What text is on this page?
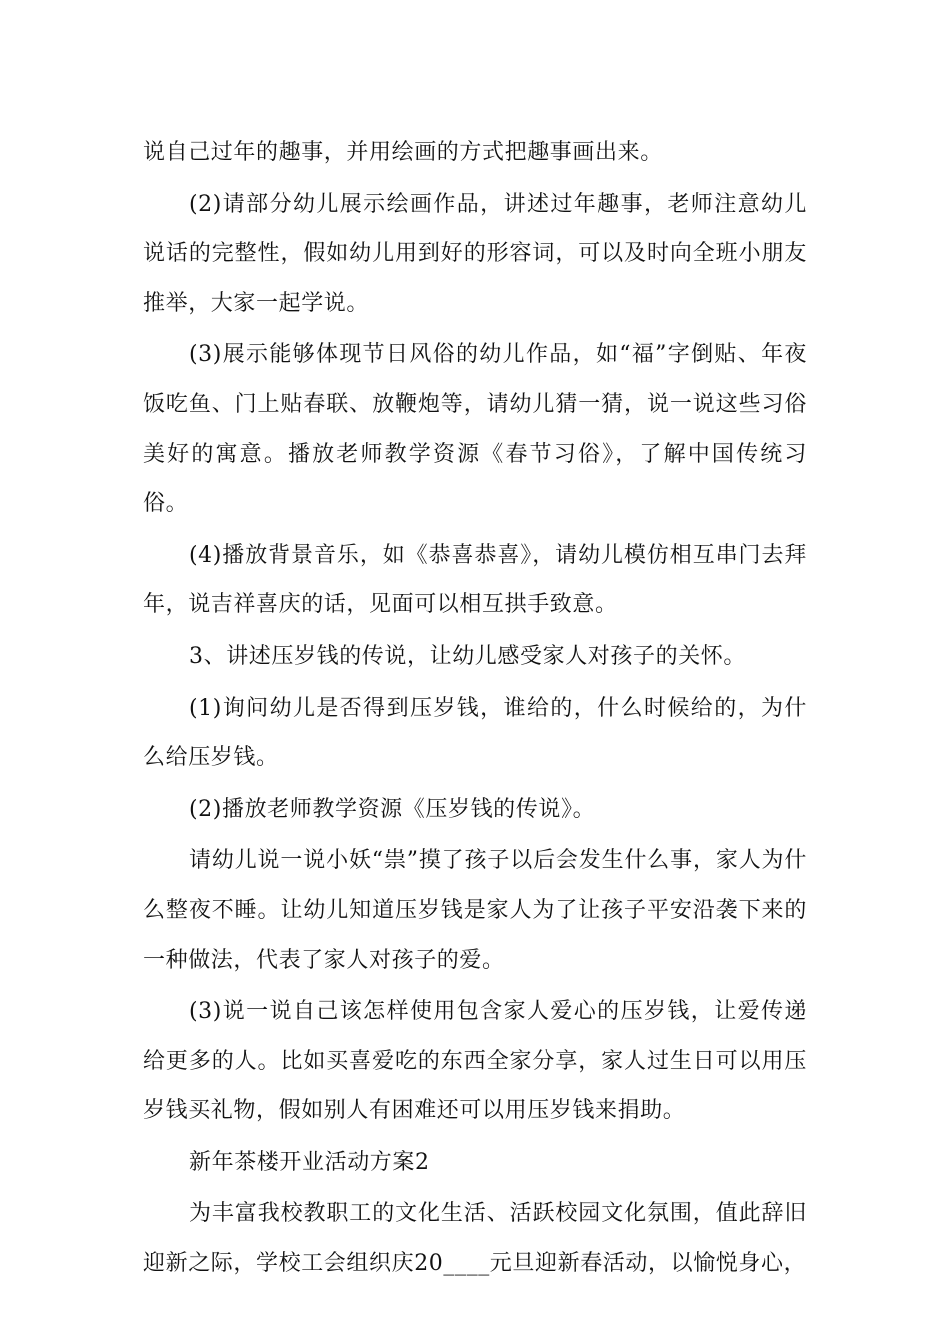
说自己过年的趣事，并用绘画的方式把趣事画出来。

(2)请部分幼儿展示绘画作品，讲述过年趣事，老师注意幼儿说话的完整性，假如幼儿用到好的形容词，可以及时向全班小朋友推举，大家一起学说。

(3)展示能够体现节日风俗的幼儿作品，如“福”字倒贴、年夜饭吃鱼、门上贴春联、放鞭炮等，请幼儿猜一猜，说一说这些习俗美好的寓意。播放老师教学资源《春节习俗》，了解中国传统习俗。

(4)播放背景音乐，如《恭喜恭喜》，请幼儿模仿相互串门去拜年，说吉祥喜庆的话，见面可以相互拱手致意。

3、讲述压岁钱的传说，让幼儿感受家人对孩子的关怀。

(1)询问幼儿是否得到压岁钱，谁给的，什么时候给的，为什么给压岁钱。

(2)播放老师教学资源《压岁钱的传说》。

请幼儿说一说小妖“祟”摸了孩子以后会发生什么事，家人为什么整夜不睡。让幼儿知道压岁钱是家人为了让孩子平安沿袭下来的一种做法，代表了家人对孩子的爱。

(3)说一说自己该怎样使用包含家人爱心的压岁钱，让爱传递给更多的人。比如买喜爱吃的东西全家分享，家人过生日可以用压岁钱买礼物，假如别人有困难还可以用压岁钱来捐助。

新年茶楼开业活动方案2

为丰富我校教职工的文化生活、活跃校园文化氛围，值此辞旧迎新之际，学校工会组织庆20____元旦迎新春活动，以愉悦身心，
